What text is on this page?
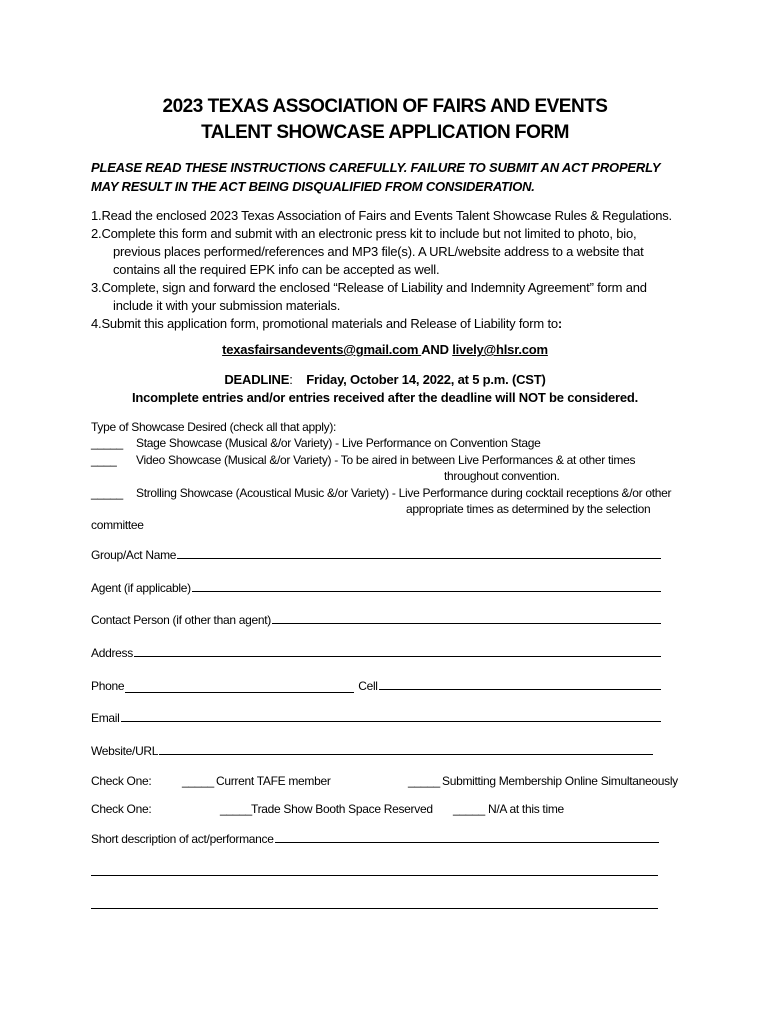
2023 TEXAS ASSOCIATION OF FAIRS AND EVENTS
TALENT SHOWCASE APPLICATION FORM
PLEASE READ THESE INSTRUCTIONS CAREFULLY. FAILURE TO SUBMIT AN ACT PROPERLY
MAY RESULT IN THE ACT BEING DISQUALIFIED FROM CONSIDERATION.
1.Read the enclosed 2023 Texas Association of Fairs and Events Talent Showcase Rules & Regulations.
2.Complete this form and submit with an electronic press kit to include but not limited to photo, bio,
previous places performed/references and MP3 file(s). A URL/website address to a website that
contains all the required EPK info can be accepted as well.
3.Complete, sign and forward the enclosed “Release of Liability and Indemnity Agreement” form and
include it with your submission materials.
4.Submit this application form, promotional materials and Release of Liability form to:
texasfairsandevents@gmail.com AND lively@hlsr.com
DEADLINE: Friday, October 14, 2022, at 5 p.m. (CST)
Incomplete entries and/or entries received after the deadline will NOT be considered.
Type of Showcase Desired (check all that apply):
_____ Stage Showcase (Musical &/or Variety) - Live Performance on Convention Stage
____ Video Showcase (Musical &/or Variety) - To be aired in between Live Performances & at other times
throughout convention.
_____ Strolling Showcase (Acoustical Music &/or Variety) - Live Performance during cocktail receptions &/or other
appropriate times as determined by the selection
committee
Group/Act Name
Agent (if applicable)
Contact Person (if other than agent)
Address
Phone	Cell
Email
Website/URL
Check One:	_____ Current TAFE member	_____ Submitting Membership Online Simultaneously
Check One:	_____ Trade Show Booth Space Reserved _____ N/A at this time
Short description of act/performance
